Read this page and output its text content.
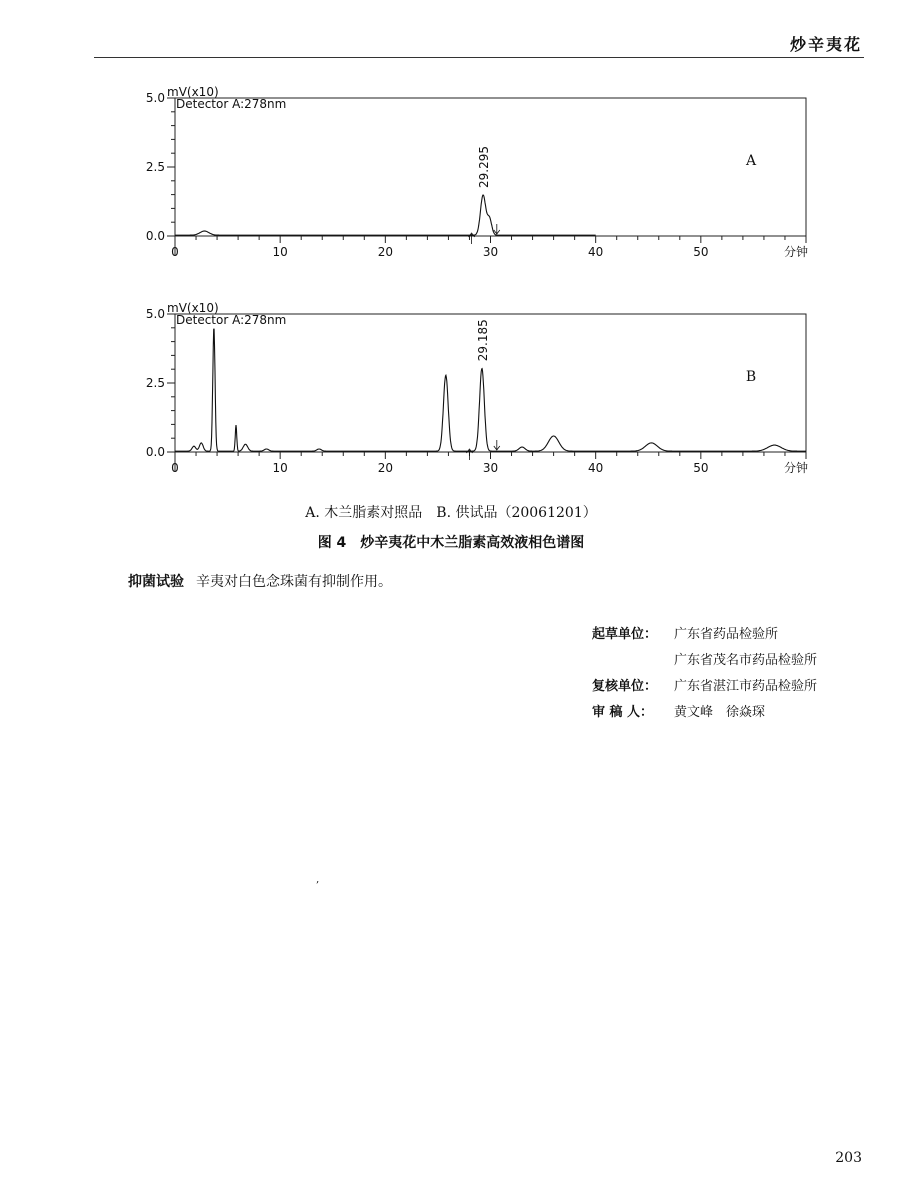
炒辛夷花
0	10	20	30	40	50	分钟
0.0
2.5
5.0 mV(x10)
Detector A:278nm
A
29.295
0	10	20	30	40	50	分钟
0.0
2.5
5.0 mV(x10)
Detector A:278nm
B
29.185
A. 木兰脂素对照品　B. 供试品（20061201）
图 4　炒辛夷花中木兰脂素高效液相色谱图
抑菌试验 辛夷对白色念珠菌有抑制作用。
起草单位： 广东省药品检验所
广东省茂名市药品检验所
复核单位： 广东省湛江市药品检验所
审 稿 人： 黄文峰　徐焱琛
‚
203
